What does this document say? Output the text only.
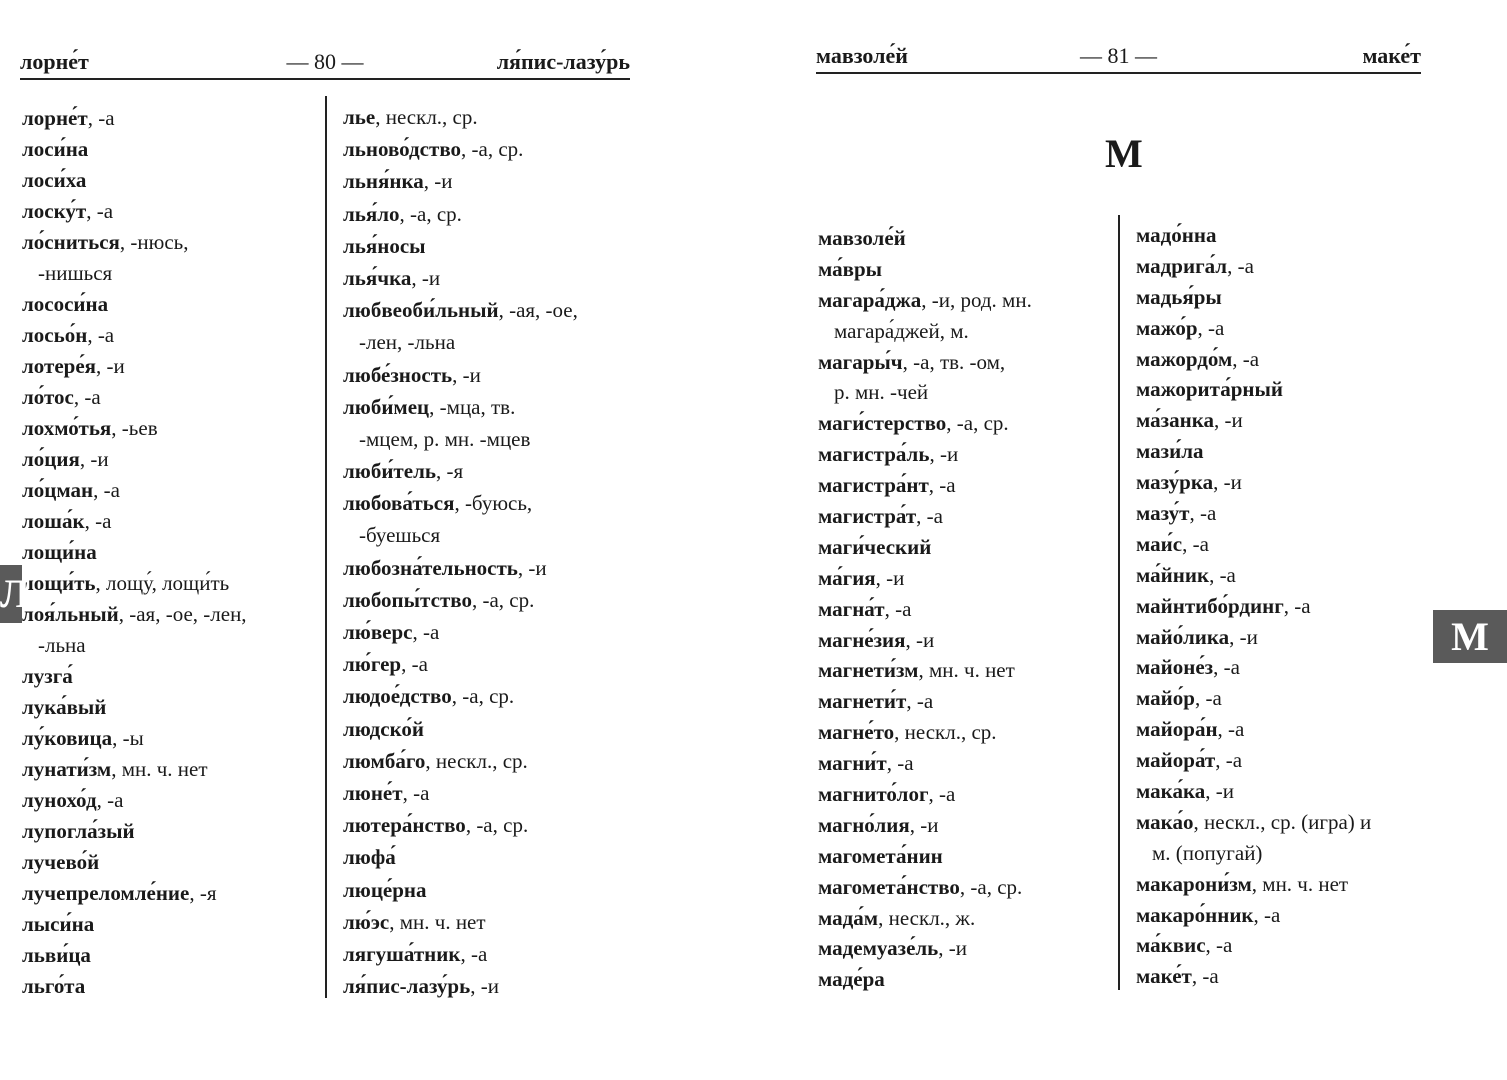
лорне́т	— 80 —	ля́пис-лазу́рь
лорне́т, -а
лоси́на
лоси́ха
лоску́т, -а
ло́сниться, -нюсь,
-нишься
лососи́на
лосьо́н, -а
лотере́я, -и
ло́тос, -а
лохмо́тья, -ьев
ло́ция, -и
ло́цман, -а
лоша́к, -а
лощи́на
лощи́ть, лощу́, лощи́ть
лоя́льный, -ая, -ое, -лен,
-льна
лузга́
лука́вый
лу́ковица, -ы
лунати́зм, мн. ч. нет
лунохо́д, -а
лупогла́зый
лучево́й
лучепреломле́ние, -я
лыси́на
льви́ца
льго́та
лье, нескл., ср.
льново́дство, -а, ср.
льня́нка, -и
лья́ло, -а, ср.
лья́носы
лья́чка, -и
любвеоби́льный, -ая, -ое,
-лен, -льна
любе́зность, -и
люби́мец, -мца, тв.
-мцем, р. мн. -мцев
люби́тель, -я
любова́ться, -буюсь,
-буешься
любозна́тельность, -и
любопы́тство, -а, ср.
лю́верс, -а
лю́гер, -а
людое́дство, -а, ср.
людско́й
люмба́го, нескл., ср.
люне́т, -а
лютера́нство, -а, ср.
люфа́
люце́рна
лю́эс, мн. ч. нет
лягуша́тник, -а
ля́пис-лазу́рь, -и
Л
мавзоле́й	— 81 —	маке́т
М
мавзоле́й
ма́вры
магара́джа, -и, род. мн.
магара́джей, м.
магары́ч, -а, тв. -ом,
р. мн. -чей
маги́стерство, -а, ср.
магистра́ль, -и
магистра́нт, -а
магистра́т, -а
маги́ческий
ма́гия, -и
магна́т, -а
магне́зия, -и
магнети́зм, мн. ч. нет
магнети́т, -а
магне́то, нескл., ср.
магни́т, -а
магнито́лог, -а
магно́лия, -и
магомета́нин
магомета́нство, -а, ср.
мада́м, нескл., ж.
мадемуазе́ль, -и
маде́ра
мадо́нна
мадрига́л, -а
мадья́ры
мажо́р, -а
мажордо́м, -а
мажорита́рный
ма́занка, -и
мази́ла
мазу́рка, -и
мазу́т, -а
маи́с, -а
ма́йник, -а
майнтибо́рдинг, -а
майо́лика, -и
майоне́з, -а
майо́р, -а
майора́н, -а
майора́т, -а
мака́ка, -и
мака́о, нескл., ср. (игра) и
м. (попугай)
макарони́зм, мн. ч. нет
макаро́нник, -а
ма́квис, -а
маке́т, -а
М
